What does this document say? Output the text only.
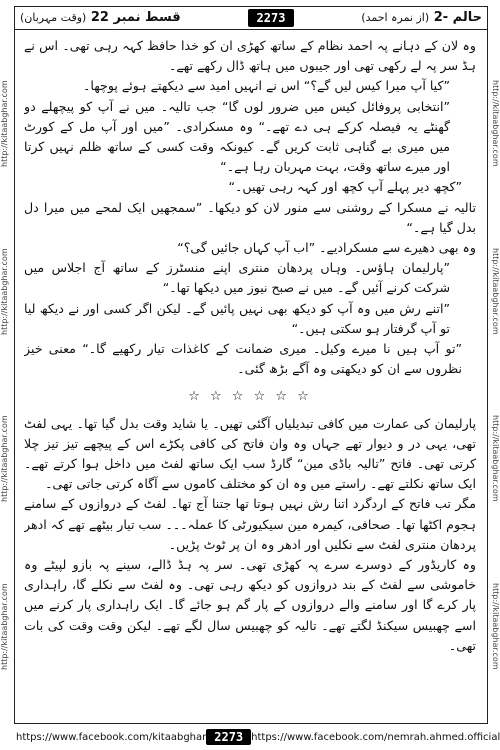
قسط نمبر 22 (وقت مہربان)	2273	حالم -2 (از نمرہ احمد)
http://kitaabghar.com
http://kitaabghar.com
http://kitaabghar.com
http://kitaabghar.com	http://kitaabghar.com
http://kitaabghar.com
http://kitaabghar.com
http://kitaabghar.com

وہ لان کے دہانے پہ احمد نظام کے ساتھ کھڑی ان کو خدا حافظ کہہ رہی تھی۔ اس نے ہڈ سر پہ لے رکھی تھی اور جیبوں میں ہاتھ ڈال رکھے تھے۔

”کیا آپ میرا کیس لیں گے؟“ اس نے انہیں امید سے دیکھتے ہوئے پوچھا۔

”انتخابی پروفائل کیس میں ضرور لوں گا“ جب تالیہ۔ میں نے آپ کو پیچھلے دو گھنٹے یہ فیصلہ کرکے ہی دے تھے۔“ وہ مسکرادی۔ ”میں اور آپ مل کے کورٹ میں میری بے گناہی ثابت کریں گے۔ کیونکہ وقت کسی کے ساتھ ظلم نہیں کرتا اور میرے ساتھ وقت، بہت مہربان رہا ہے۔“

”کچھ دیر پہلے آپ کچھ اور کہہ رہی تھیں۔“

تالیہ نے مسکرا کے روشنی سے منور لان کو دیکھا۔ ”سمجھیں ایک لمحے میں میرا دل بدل گیا ہے۔“

وہ بھی دھیرے سے مسکرادیے۔ ”اب آپ کہاں جائیں گی؟“

”پارلیمان ہاؤس۔ وہاں پردھان منتری اپنے منسٹرز کے ساتھ آج اجلاس میں شرکت کرنے آئیں گے۔ میں نے صبح نیوز میں دیکھا تھا۔“

”اتنے رش میں وہ آپ کو دیکھ بھی نہیں پائیں گے۔ لیکن اگر کسی اور نے دیکھ لیا تو آپ گرفتار ہو سکتی ہیں۔“

”تو آپ ہیں نا میرے وکیل۔ میری ضمانت کے کاغذات تیار رکھیے گا۔“ معنی خیز نظروں سے ان کو دیکھتی وہ آگے بڑھ گئی۔

☆ ☆ ☆ ☆ ☆ ☆

پارلیمان کی عمارت میں کافی تبدیلیاں آگئی تھیں۔ یا شاید وقت بدل گیا تھا۔ یہی لفٹ تھی، یہی در و دیوار تھے جہاں وہ وان فاتح کی کافی پکڑے اس کے پیچھے تیز تیز چلا کرتی تھی۔ فاتح ”تالیہ باڈی مین“ گارڈ سب ایک ساتھ لفٹ میں داخل ہوا کرتے تھے۔ ایک ساتھ نکلتے تھے۔ راستے میں وہ ان کو مختلف کاموں سے آگاہ کرتی جاتی تھی۔

مگر تب فاتح کے اردگرد اتنا رش نہیں ہوتا تھا جتنا آج تھا۔ لفٹ کے دروازوں کے سامنے ہجوم اکٹھا تھا۔ صحافی، کیمرہ مین سیکیورٹی کا عملہ۔۔۔ سب تیار بیٹھے تھے کہ ادھر پردھان منتری لفٹ سے نکلیں اور ادھر وہ ان پر ٹوٹ پڑیں۔

وہ کاریڈور کے دوسرے سرے پہ کھڑی تھی۔ سر پہ ہڈ ڈالے، سینے پہ بازو لپیٹے وہ خاموشی سے لفٹ کے بند دروازوں کو دیکھ رہی تھی۔ وہ لفٹ سے نکلے گا، راہداری پار کرے گا اور سامنے والے دروازوں کے پار گم ہو جائے گا۔ ایک راہداری پار کرنے میں اسے چھبیس سیکنڈ لگتے تھے۔ تالیہ کو چھبیس سال لگے تھے۔ لیکن وقت وقت کی بات تھی۔

https://www.facebook.com/kitaabghar 2273 https://www.facebook.com/nemrah.ahmed.official
